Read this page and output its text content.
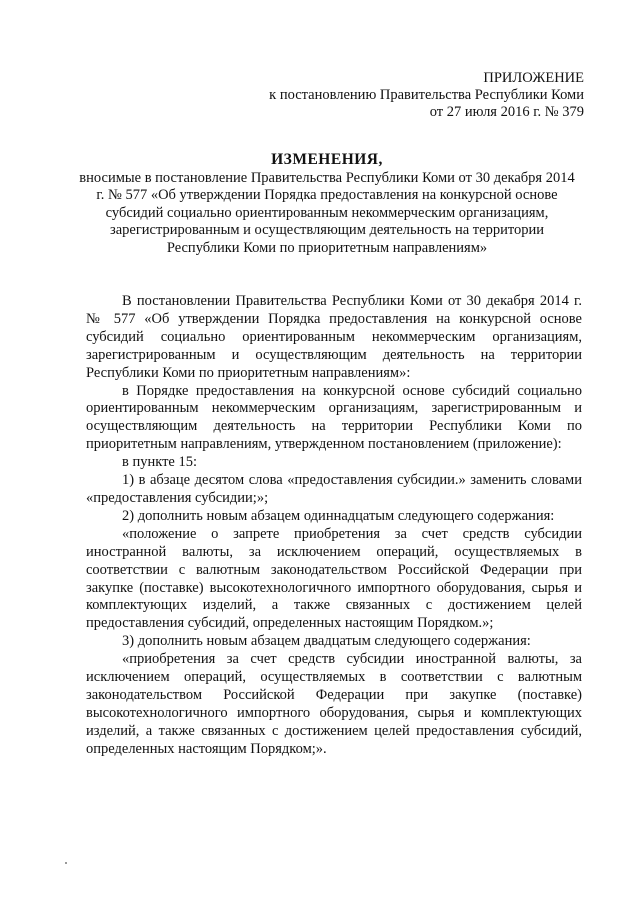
ПРИЛОЖЕНИЕ
к постановлению Правительства Республики Коми
от 27 июля 2016 г. № 379
ИЗМЕНЕНИЯ,
вносимые в постановление Правительства Республики Коми от 30 декабря 2014 г. № 577 «Об утверждении Порядка предоставления на конкурсной основе субсидий социально ориентированным некоммерческим организациям, зарегистрированным и осуществляющим деятельность на территории Республики Коми по приоритетным направлениям»

В постановлении Правительства Республики Коми от 30 декабря 2014 г. № 577 «Об утверждении Порядка предоставления на конкурсной основе субсидий социально ориентированным некоммерческим организациям, зарегистрированным и осуществляющим деятельность на территории Республики Коми по приоритетным направлениям»:

в Порядке предоставления на конкурсной основе субсидий социально ориентированным некоммерческим организациям, зарегистрированным и осуществляющим деятельность на территории Республики Коми по приоритетным направлениям, утвержденном постановлением (приложение):

в пункте 15:

1) в абзаце десятом слова «предоставления субсидии.» заменить словами «предоставления субсидии;»;

2) дополнить новым абзацем одиннадцатым следующего содержания:

«положение о запрете приобретения за счет средств субсидии иностранной валюты, за исключением операций, осуществляемых в соответствии с валютным законодательством Российской Федерации при закупке (поставке) высокотехнологичного импортного оборудования, сырья и комплектующих изделий, а также связанных с достижением целей предоставления субсидий, определенных настоящим Порядком.»;

3) дополнить новым абзацем двадцатым следующего содержания:

«приобретения за счет средств субсидии иностранной валюты, за исключением операций, осуществляемых в соответствии с валютным законодательством Российской Федерации при закупке (поставке) высокотехнологичного импортного оборудования, сырья и комплектующих изделий, а также связанных с достижением целей предоставления субсидий, определенных настоящим Порядком;».
